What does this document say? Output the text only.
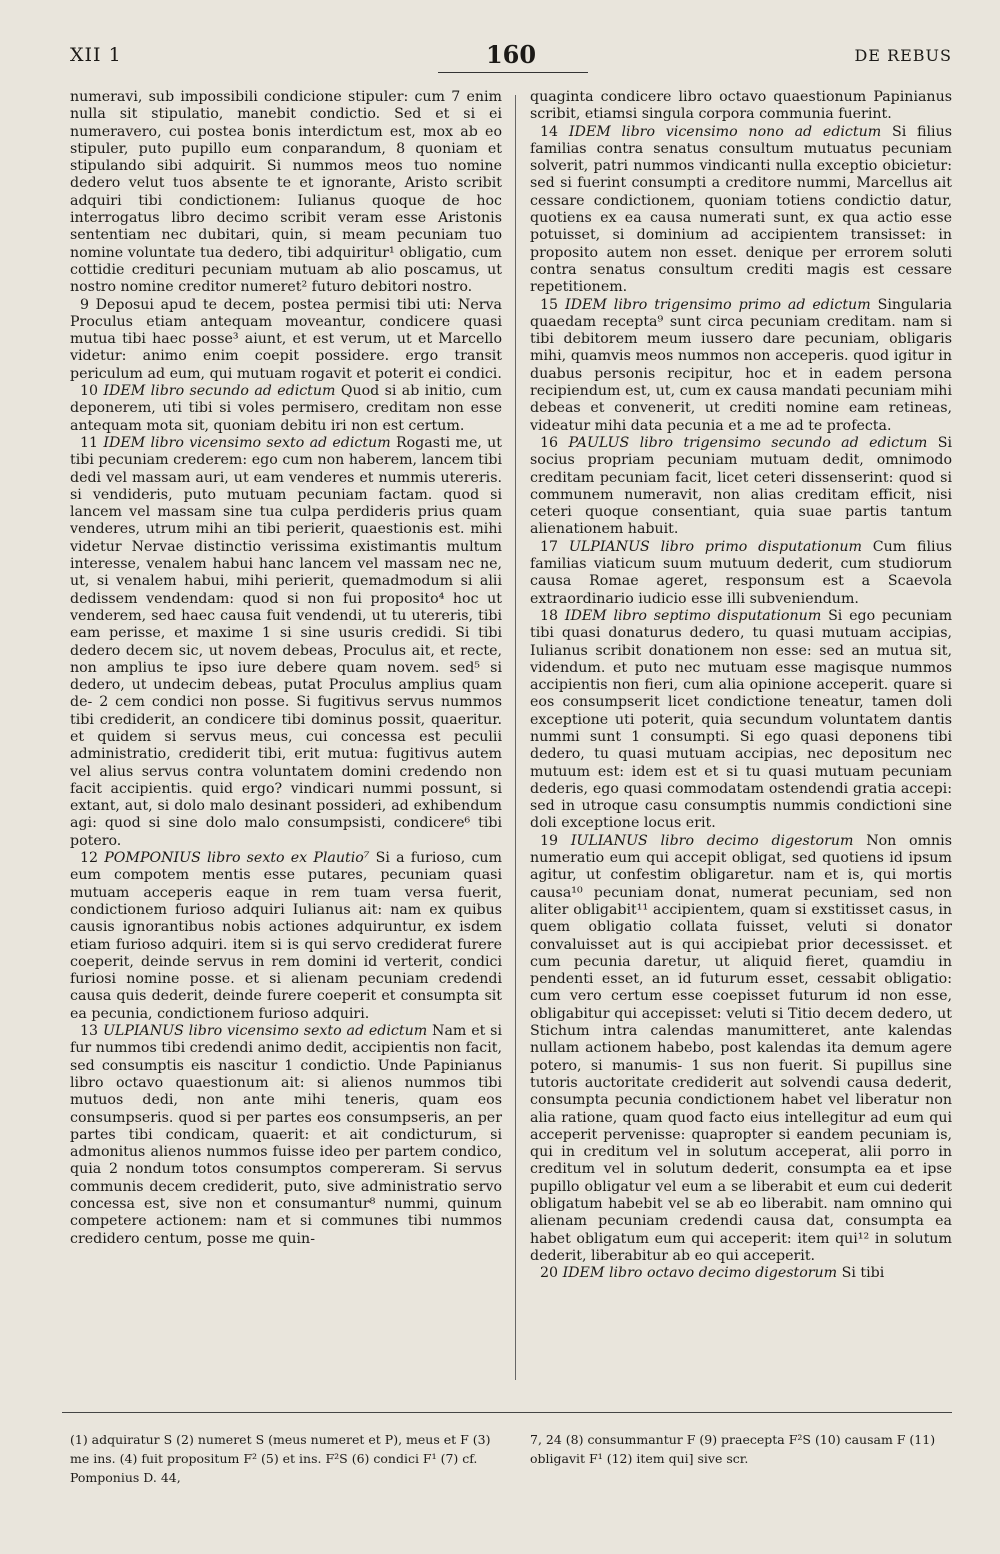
XII 1	160	DE REBUS

numeravi, sub impossibili condicione stipuler: cum 7 enim nulla sit stipulatio, manebit condictio. Sed et si ei numeravero, cui postea bonis interdictum est, mox ab eo stipuler, puto pupillo eum conparandum, 8 quoniam et stipulando sibi adquirit. Si nummos meos tuo nomine dedero velut tuos absente te et ignorante, Aristo scribit adquiri tibi condictionem: Iulianus quoque de hoc interrogatus libro decimo scribit veram esse Aristonis sententiam nec dubitari, quin, si meam pecuniam tuo nomine voluntate tua dedero, tibi adquiritur¹ obligatio, cum cottidie crediturі pecuniam mutuam ab alio poscamus, ut nostro nomine creditor numeret² futuro debitori nostro.

9 Deposui apud te decem, postea permisi tibi uti: Nerva Proculus etiam antequam moveantur, condicere quasi mutua tibi haec posse³ aiunt, et est verum, ut et Marcello videtur: animo enim coepit possidere. ergo transit periculum ad eum, qui mutuam rogavit et poterit ei condici.

10 IDEM libro secundo ad edictum Quod si ab initio, cum deponerem, uti tibi si voles permisero, creditam non esse antequam mota sit, quoniam debitu iri non est certum.

11 IDEM libro vicensimo sexto ad edictum Rogasti me, ut tibi pecuniam crederem: ego cum non haberem, lancem tibi dedi vel massam auri, ut eam venderes et nummis utereris. si vendideris, puto mutuam pecuniam factam. quod si lancem vel massam sine tua culpa perdideris prius quam venderes, utrum mihi an tibi perierit, quaestionis est. mihi videtur Nervae distinctio verissima existimantis multum interesse, venalem habui hanc lancem vel massam nec ne, ut, si venalem habui, mihi perierit, quemadmodum si alii dedissem vendendam: quod si non fui proposito⁴ hoc ut venderem, sed haec causa fuit vendendi, ut tu utereris, tibi eam perisse, et maxime 1 si sine usuris credidi. Si tibi dedero decem sic, ut novem debeas, Proculus ait, et recte, non amplius te ipso iure debere quam novem. sed⁵ si dedero, ut undecim debeas, putat Proculus amplius quam de- 2 cem condici non posse. Si fugitivus servus nummos tibi crediderit, an condicere tibi dominus possit, quaeritur. et quidem si servus meus, cui concessa est peculii administratio, crediderit tibi, erit mutua: fugitivus autem vel alius servus contra voluntatem domini credendo non facit accipientis. quid ergo? vindicari nummi possunt, si extant, aut, si dolo malo desinant possideri, ad exhibendum agi: quod si sine dolo malo consumpsisti, condicere⁶ tibi potero.

12 POMPONIUS libro sexto ex Plautio⁷ Si a furioso, cum eum compotem mentis esse putares, pecuniam quasi mutuam acceperis eaque in rem tuam versa fuerit, condictionem furioso adquiri Iulianus ait: nam ex quibus causis ignorantibus nobis actiones adquiruntur, ex isdem etiam furioso adquiri. item si is qui servo crediderat furere coeperit, deinde servus in rem domini id verterit, condici furiosi nomine posse. et si alienam pecuniam credendi causa quis dederit, deinde furere coeperit et consumpta sit ea pecunia, condictionem furioso adquiri.

13 ULPIANUS libro vicensimo sexto ad edictum Nam et si fur nummos tibi credendi animo dedit, accipientis non facit, sed consumptis eis nascitur 1 condictio. Unde Papinianus libro octavo quaestionum ait: si alienos nummos tibi mutuos dedi, non ante mihi teneris, quam eos consumpseris. quod si per partes eos consumpseris, an per partes tibi condicam, quaerit: et ait condicturum, si admonitus alienos nummos fuisse ideo per partem condico, quia 2 nondum totos consumptos compereram. Si servus communis decem crediderit, puto, sive administratio servo concessa est, sive non et consumantur⁸ nummi, quinum competere actionem: nam et si communes tibi nummos credidero centum, posse me quin-

quaginta condicere libro octavo quaestionum Papinianus scribit, etiamsi singula corpora communia fuerint.

14 IDEM libro vicensimo nono ad edictum Si filius familias contra senatus consultum mutuatus pecuniam solverit, patri nummos vindicanti nulla exceptio obicietur: sed si fuerint consumpti a creditore nummi, Marcellus ait cessare condictionem, quoniam totiens condictio datur, quotiens ex ea causa numerati sunt, ex qua actio esse potuisset, si dominium ad accipientem transisset: in proposito autem non esset. denique per errorem soluti contra senatus consultum crediti magis est cessare repetitionem.

15 IDEM libro trigensimo primo ad edictum Singularia quaedam recepta⁹ sunt circa pecuniam creditam. nam si tibi debitorem meum iussero dare pecuniam, obligaris mihi, quamvis meos nummos non acceperis. quod igitur in duabus personis recipitur, hoc et in eadem persona recipiendum est, ut, cum ex causa mandati pecuniam mihi debeas et convenerit, ut crediti nomine eam retineas, videatur mihi data pecunia et a me ad te profecta.

16 PAULUS libro trigensimo secundo ad edictum Si socius propriam pecuniam mutuam dedit, omnimodo creditam pecuniam facit, licet ceteri dissenserint: quod si communem numeravit, non alias creditam efficit, nisi ceteri quoque consentiant, quia suae partis tantum alienationem habuit.

17 ULPIANUS libro primo disputationum Cum filius familias viaticum suum mutuum dederit, cum studiorum causa Romae ageret, responsum est a Scaevola extraordinario iudicio esse illi subveniendum.

18 IDEM libro septimo disputationum Si ego pecuniam tibi quasi donaturus dedero, tu quasi mutuam accipias, Iulianus scribit donationem non esse: sed an mutua sit, videndum. et puto nec mutuam esse magisque nummos accipientis non fieri, cum alia opinione acceperit. quare si eos consumpserit licet condictione teneatur, tamen doli exceptione uti poterit, quia secundum voluntatem dantis nummi sunt 1 consumpti. Si ego quasi deponens tibi dedero, tu quasi mutuam accipias, nec depositum nec mutuum est: idem est et si tu quasi mutuam pecuniam dederis, ego quasi commodatam ostendendi gratia accepi: sed in utroque casu consumptis nummis condictioni sine doli exceptione locus erit.

19 IULIANUS libro decimo digestorum Non omnis numeratio eum qui accepit obligat, sed quotiens id ipsum agitur, ut confestim obligaretur. nam et is, qui mortis causa¹⁰ pecuniam donat, numerat pecuniam, sed non aliter obligabit¹¹ accipientem, quam si exstitisset casus, in quem obligatio collata fuisset, veluti si donator convaluisset aut is qui accipiebat prior decessisset. et cum pecunia daretur, ut aliquid fieret, quamdiu in pendenti esset, an id futurum esset, cessabit obligatio: cum vero certum esse coepisset futurum id non esse, obligabitur qui accepisset: veluti si Titio decem dedero, ut Stichum intra calendas manumitteret, ante kalendas nullam actionem habebo, post kalendas ita demum agere potero, si manumis- 1 sus non fuerit. Si pupillus sine tutoris auctoritate crediderit aut solvendi causa dederit, consumpta pecunia condictionem habet vel liberatur non alia ratione, quam quod facto eius intellegitur ad eum qui acceperit pervenisse: quapropter si eandem pecuniam is, qui in creditum vel in solutum acceperat, alii porro in creditum vel in solutum dederit, consumpta ea et ipse pupillo obligatur vel eum a se liberabit et eum cui dederit obligatum habebit vel se ab eo liberabit. nam omnino qui alienam pecuniam credendi causa dat, consumpta ea habet obligatum eum qui acceperit: item qui¹² in solutum dederit, liberabitur ab eo qui acceperit.

20 IDEM libro octavo decimo digestorum Si tibi

(1) adquiratur S (2) numeret S (meus numeret et P), meus et F (3) me ins. (4) fuit propositum F² (5) et ins. F²S (6) condici F¹ (7) cf. Pomponius D. 44,

7, 24 (8) consummantur F (9) praecepta F²S (10) causam F (11) obligavit F¹ (12) item qui] sive scr.
